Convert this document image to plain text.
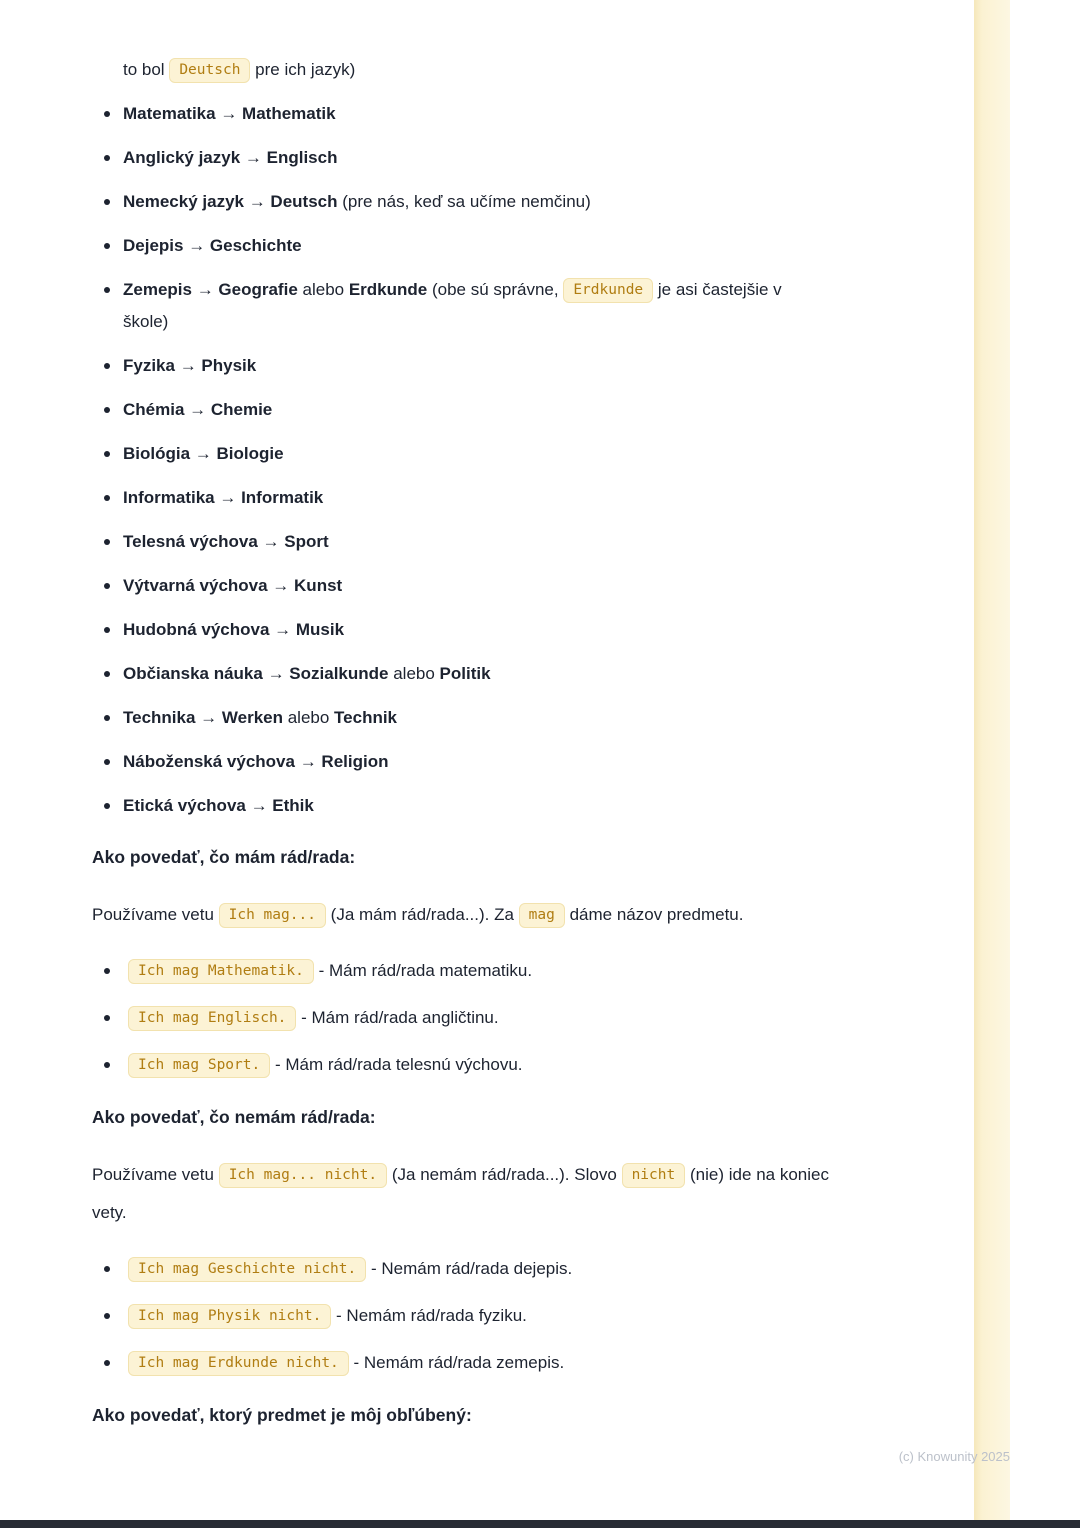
to bol Deutsch pre ich jazyk)

Matematika → Mathematik
Anglický jazyk → Englisch
Nemecký jazyk → Deutsch (pre nás, keď sa učíme nemčinu)
Dejepis → Geschichte
Zemepis → Geografie alebo Erdkunde (obe sú správne, Erdkunde je asi častejšie v škole)
Fyzika → Physik
Chémia → Chemie
Biológia → Biologie
Informatika → Informatik
Telesná výchova → Sport
Výtvarná výchova → Kunst
Hudobná výchova → Musik
Občianska náuka → Sozialkunde alebo Politik
Technika → Werken alebo Technik
Náboženská výchova → Religion
Etická výchova → Ethik
Ako povedať, čo mám rád/rada:

Používame vetu Ich mag... (Ja mám rád/rada...). Za mag dáme názov predmetu.

Ich mag Mathematik. - Mám rád/rada matematiku.
Ich mag Englisch. - Mám rád/rada angličtinu.
Ich mag Sport. - Mám rád/rada telesnú výchovu.
Ako povedať, čo nemám rád/rada:

Používame vetu Ich mag... nicht. (Ja nemám rád/rada...). Slovo nicht (nie) ide na koniec vety.

Ich mag Geschichte nicht. - Nemám rád/rada dejepis.
Ich mag Physik nicht. - Nemám rád/rada fyziku.
Ich mag Erdkunde nicht. - Nemám rád/rada zemepis.
Ako povedať, ktorý predmet je môj obľúbený:
(c) Knowunity 2025
